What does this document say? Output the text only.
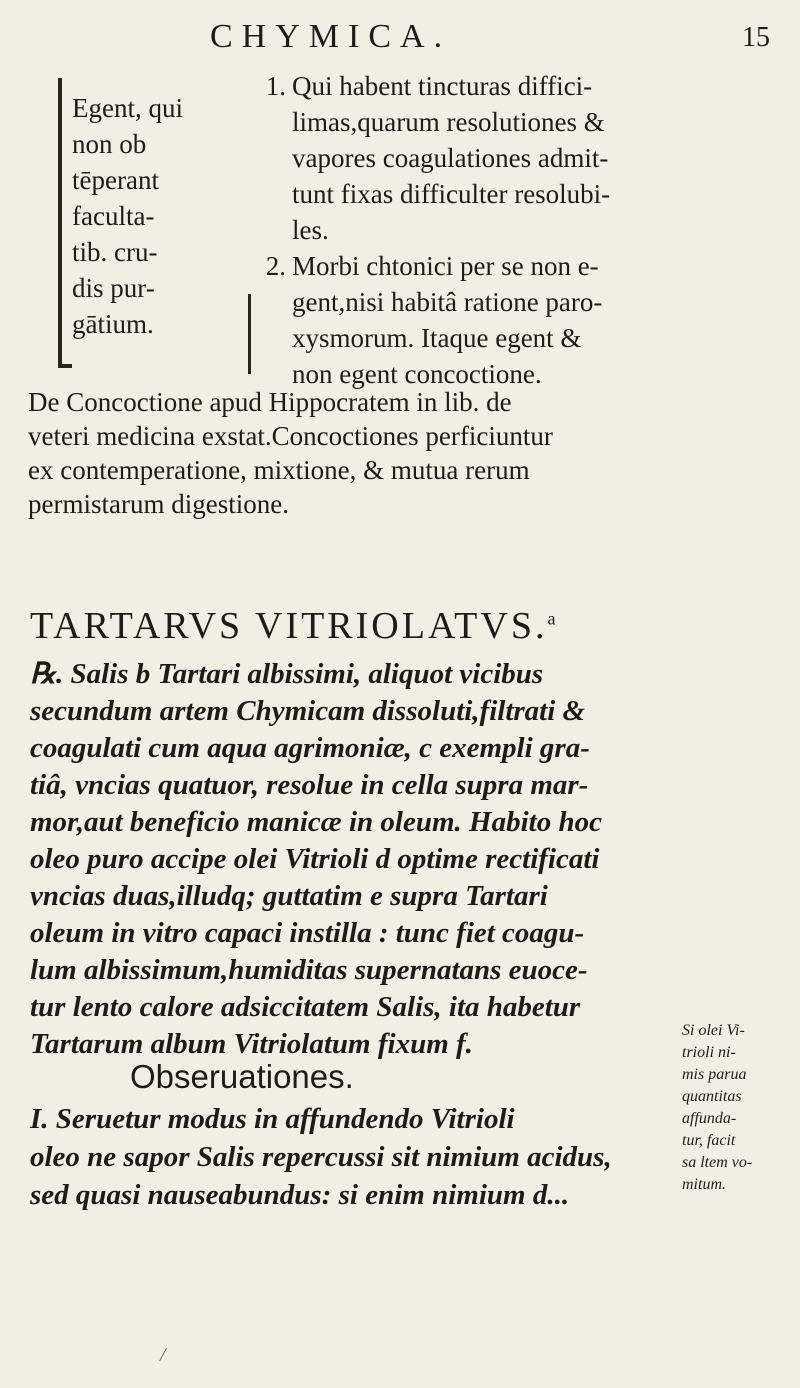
CHYMICA.	15
Egent, qui
non ob
tēperant
faculta-
tib. cru-
dis pur-
gātium.
1. Qui habent tincturas diffici-
limas,quarum resolutiones &
vapores coagulationes admit-
tunt fixas difficulter resolubi-
les.
2. Morbi chtonici per se non e-
gent,nisi habitâ ratione paro-
xysmorum. Itaque egent &
non egent concoctione.
De Concoctione apud Hippocratem in lib. de
veteri medicina exstat.Concoctiones perficiuntur
ex contemperatione, mixtione, & mutua rerum
permistarum digestione.
TARTARVS VITRIOLATVS.$^a$
℞. Salis b Tartari albissimi, aliquot vicibus
secundum artem Chymicam dissoluti,filtrati &
coagulati cum aqua agrimoniæ, c exempli gra-
tiâ, vncias quatuor, resolue in cella supra mar-
mor,aut beneficio manicæ in oleum. Habito hoc
oleo puro accipe olei Vitrioli d optime rectificati
vncias duas,illudq; guttatim e supra Tartari
oleum in vitro capaci instilla : tunc fiet coagu-
lum albissimum,humiditas supernatans euoce-
tur lento calore adsiccitatem Salis, ita habetur
Tartarum album Vitriolatum fixum f.
Obseruationes.
I. Seruetur modus in affundendo Vitrioli
oleo ne sapor Salis repercussi sit nimium acidus,
sed quasi nauseabundus: si enim nimium d...
Si olei Vi-
trioli ni-
mis parua
quantitas
affunda-
tur, facit
sa ltem vo-
mitum.
/
